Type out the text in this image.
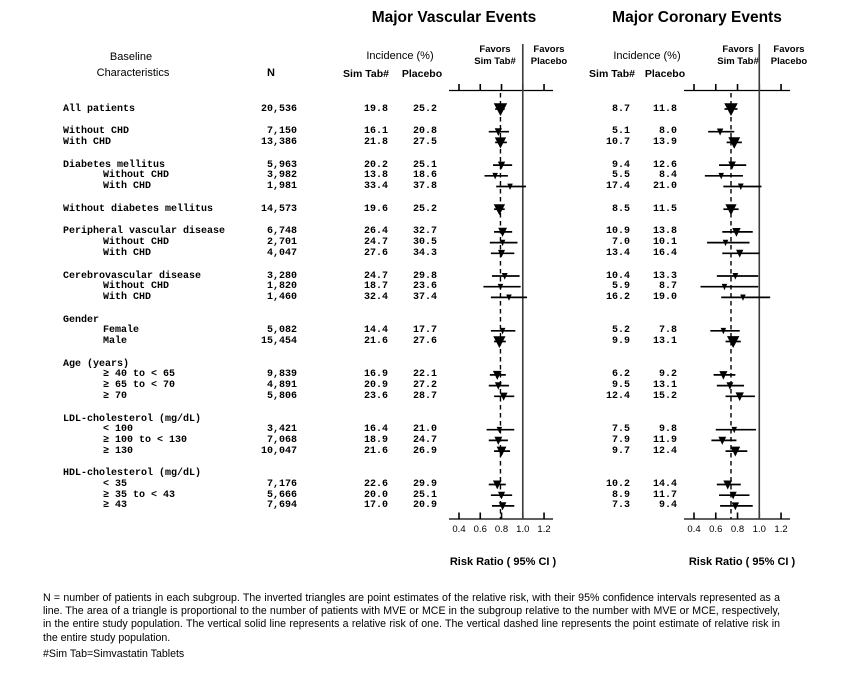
Major Vascular Events	Major Coronary Events
Baseline
Characteristics	N
Incidence (%)
Sim Tab# Placebo
Incidence (%)
Sim Tab# Placebo
Favors
Sim Tab#
Favors
Placebo
Favors
Sim Tab#
Favors
Placebo
Risk Ratio ( 95% CI )	Risk Ratio ( 95% CI )
N = number of patients in each subgroup. The inverted triangles are point estimates of the relative risk, with their 95% confidence intervals represented as a line. The area of a triangle is proportional to the number of patients with MVE or MCE in the subgroup relative to the number with MVE or MCE, respectively, in the entire study population. The vertical solid line represents a relative risk of one. The vertical dashed line represents the point estimate of relative risk in the entire study population.
#Sim Tab=Simvastatin Tablets
0.4 0.6 0.8 1.0 1.2	0.4 0.6 0.8 1.0 1.2
All patients	20,536	19.8	25.2	8.7	11.8
Without CHD	7,150	16.1	20.8	5.1	8.0
With CHD	13,386	21.8	27.5	10.7	13.9
Diabetes mellitus	5,963	20.2	25.1	9.4	12.6
Without CHD	3,982	13.8	18.6	5.5	8.4
With CHD	1,981	33.4	37.8	17.4	21.0
Without diabetes mellitus	14,573	19.6	25.2	8.5	11.5
Peripheral vascular disease	6,748	26.4	32.7	10.9	13.8
Without CHD	2,701	24.7	30.5	7.0	10.1
With CHD	4,047	27.6	34.3	13.4	16.4
Cerebrovascular disease	3,280	24.7	29.8	10.4	13.3
Without CHD	1,820	18.7	23.6	5.9	8.7
With CHD	1,460	32.4	37.4	16.2	19.0
Gender
Female	5,082	14.4	17.7	5.2	7.8
Male	15,454	21.6	27.6	9.9	13.1
Age (years)
≥ 40 to < 65	9,839	16.9	22.1	6.2	9.2
≥ 65 to < 70	4,891	20.9	27.2	9.5	13.1
≥ 70	5,806	23.6	28.7	12.4	15.2
LDL-cholesterol (mg/dL)
< 100	3,421	16.4	21.0	7.5	9.8
≥ 100 to < 130	7,068	18.9	24.7	7.9	11.9
≥ 130	10,047	21.6	26.9	9.7	12.4
HDL-cholesterol (mg/dL)
< 35	7,176	22.6	29.9	10.2	14.4
≥ 35 to < 43	5,666	20.0	25.1	8.9	11.7
≥ 43	7,694	17.0	20.9	7.3	9.4
